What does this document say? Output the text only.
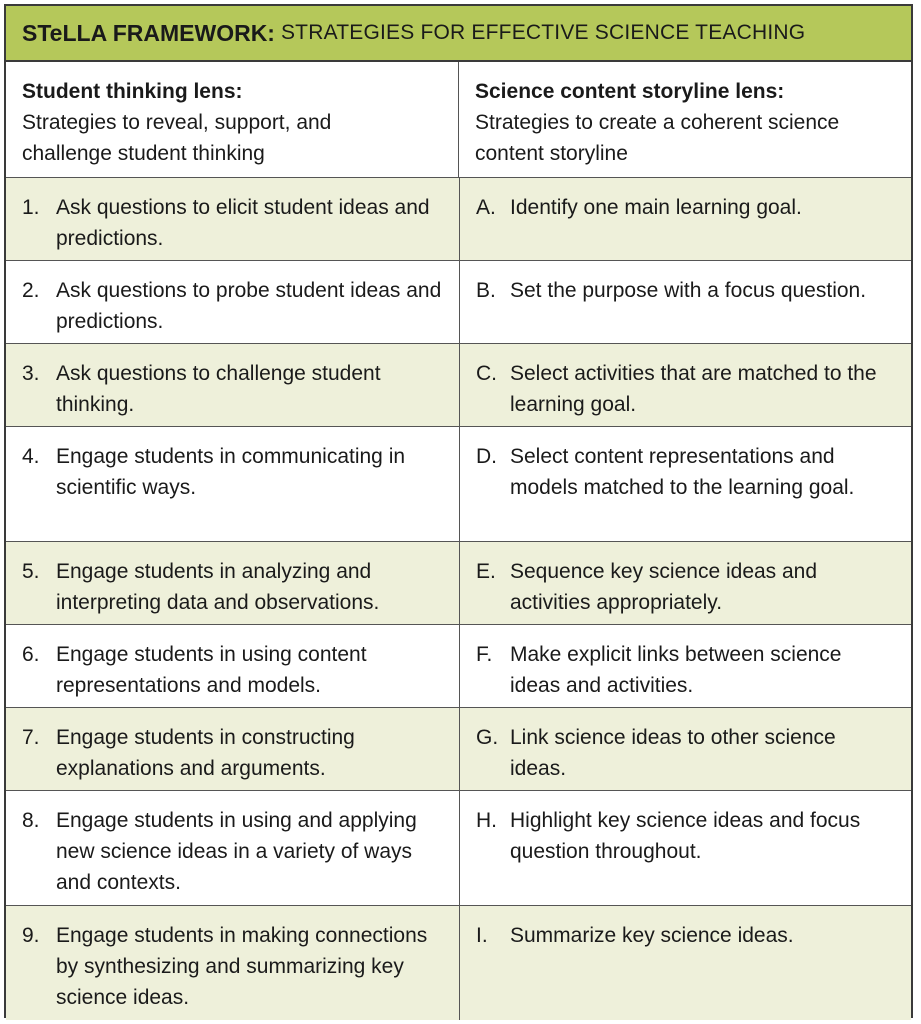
STeLLA FRAMEWORK: STRATEGIES FOR EFFECTIVE SCIENCE TEACHING
Student thinking lens:
Strategies to reveal, support, and challenge student thinking
Science content storyline lens:
Strategies to create a coherent science content storyline
1. Ask questions to elicit student ideas and predictions.
A. Identify one main learning goal.
2. Ask questions to probe student ideas and predictions.
B. Set the purpose with a focus question.
3. Ask questions to challenge student thinking.
C. Select activities that are matched to the learning goal.
4. Engage students in communicating in scientific ways.
D. Select content representations and models matched to the learning goal.
5. Engage students in analyzing and interpreting data and observations.
E. Sequence key science ideas and activities appropriately.
6. Engage students in using content representations and models.
F. Make explicit links between science ideas and activities.
7. Engage students in constructing explanations and arguments.
G. Link science ideas to other science ideas.
8. Engage students in using and applying new science ideas in a variety of ways and contexts.
H. Highlight key science ideas and focus question throughout.
9. Engage students in making connections by synthesizing and summarizing key science ideas.
I.	Summarize key science ideas.
